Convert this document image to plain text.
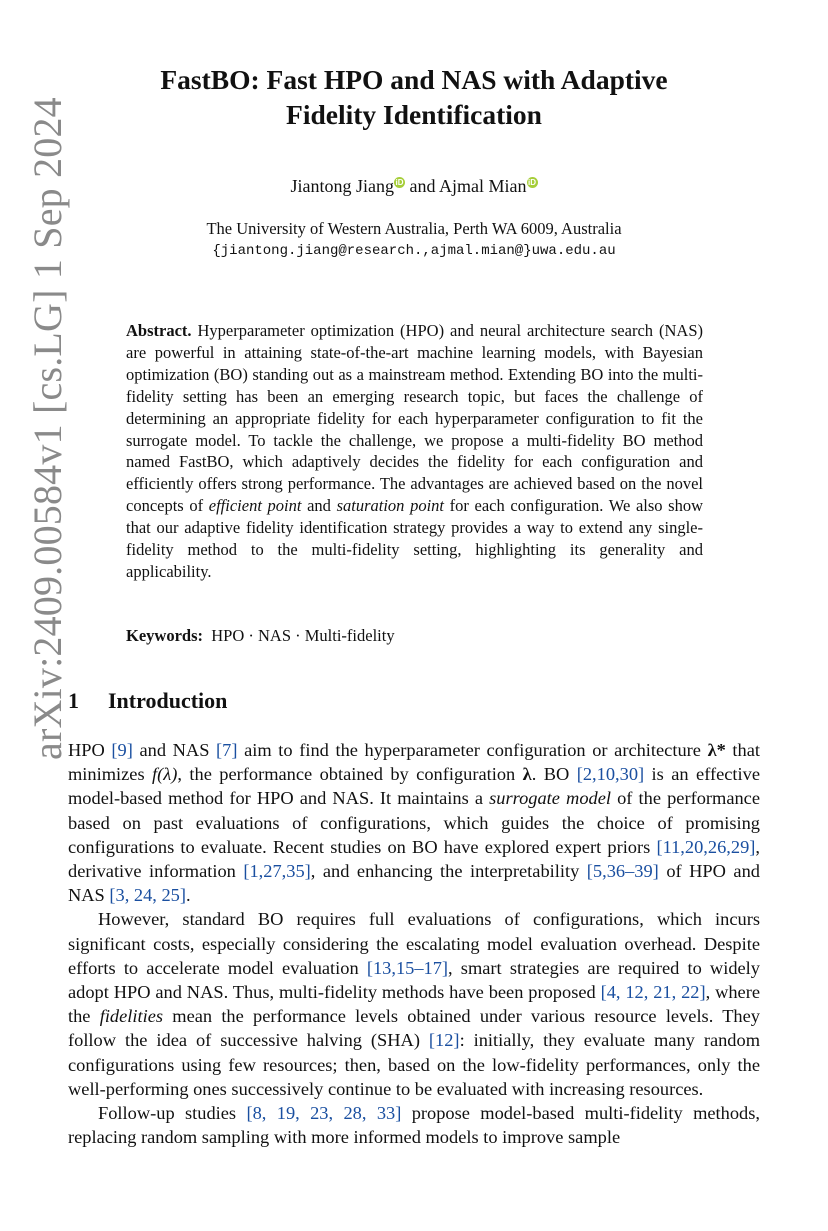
arXiv:2409.00584v1 [cs.LG] 1 Sep 2024
FastBO: Fast HPO and NAS with Adaptive
Fidelity Identification
Jiantong Jiang iD and Ajmal Mian iD
The University of Western Australia, Perth WA 6009, Australia
{jiantong.jiang@research.,ajmal.mian@}uwa.edu.au
Abstract. Hyperparameter optimization (HPO) and neural architecture search (NAS) are powerful in attaining state-of-the-art machine learning models, with Bayesian optimization (BO) standing out as a mainstream method. Extending BO into the multi-fidelity setting has been an emerging research topic, but faces the challenge of determining an appropriate fidelity for each hyperparameter configuration to fit the surrogate model. To tackle the challenge, we propose a multi-fidelity BO method named FastBO, which adaptively decides the fidelity for each configuration and efficiently offers strong performance. The advantages are achieved based on the novel concepts of efficient point and saturation point for each configuration. We also show that our adaptive fidelity identification strategy provides a way to extend any single-fidelity method to the multi-fidelity setting, highlighting its generality and applicability.
Keywords: HPO · NAS · Multi-fidelity
1 Introduction

HPO [9] and NAS [7] aim to find the hyperparameter configuration or architecture λ* that minimizes f(λ), the performance obtained by configuration λ. BO [2,10,30] is an effective model-based method for HPO and NAS. It maintains a surrogate model of the performance based on past evaluations of configurations, which guides the choice of promising configurations to evaluate. Recent studies on BO have explored expert priors [11,20,26,29], derivative information [1,27,35], and enhancing the interpretability [5,36–39] of HPO and NAS [3, 24, 25].

However, standard BO requires full evaluations of configurations, which incurs significant costs, especially considering the escalating model evaluation overhead. Despite efforts to accelerate model evaluation [13,15–17], smart strategies are required to widely adopt HPO and NAS. Thus, multi-fidelity methods have been proposed [4, 12, 21, 22], where the fidelities mean the performance levels obtained under various resource levels. They follow the idea of successive halving (SHA) [12]: initially, they evaluate many random configurations using few resources; then, based on the low-fidelity performances, only the well-performing ones successively continue to be evaluated with increasing resources.

Follow-up studies [8, 19, 23, 28, 33] propose model-based multi-fidelity methods, replacing random sampling with more informed models to improve sample
